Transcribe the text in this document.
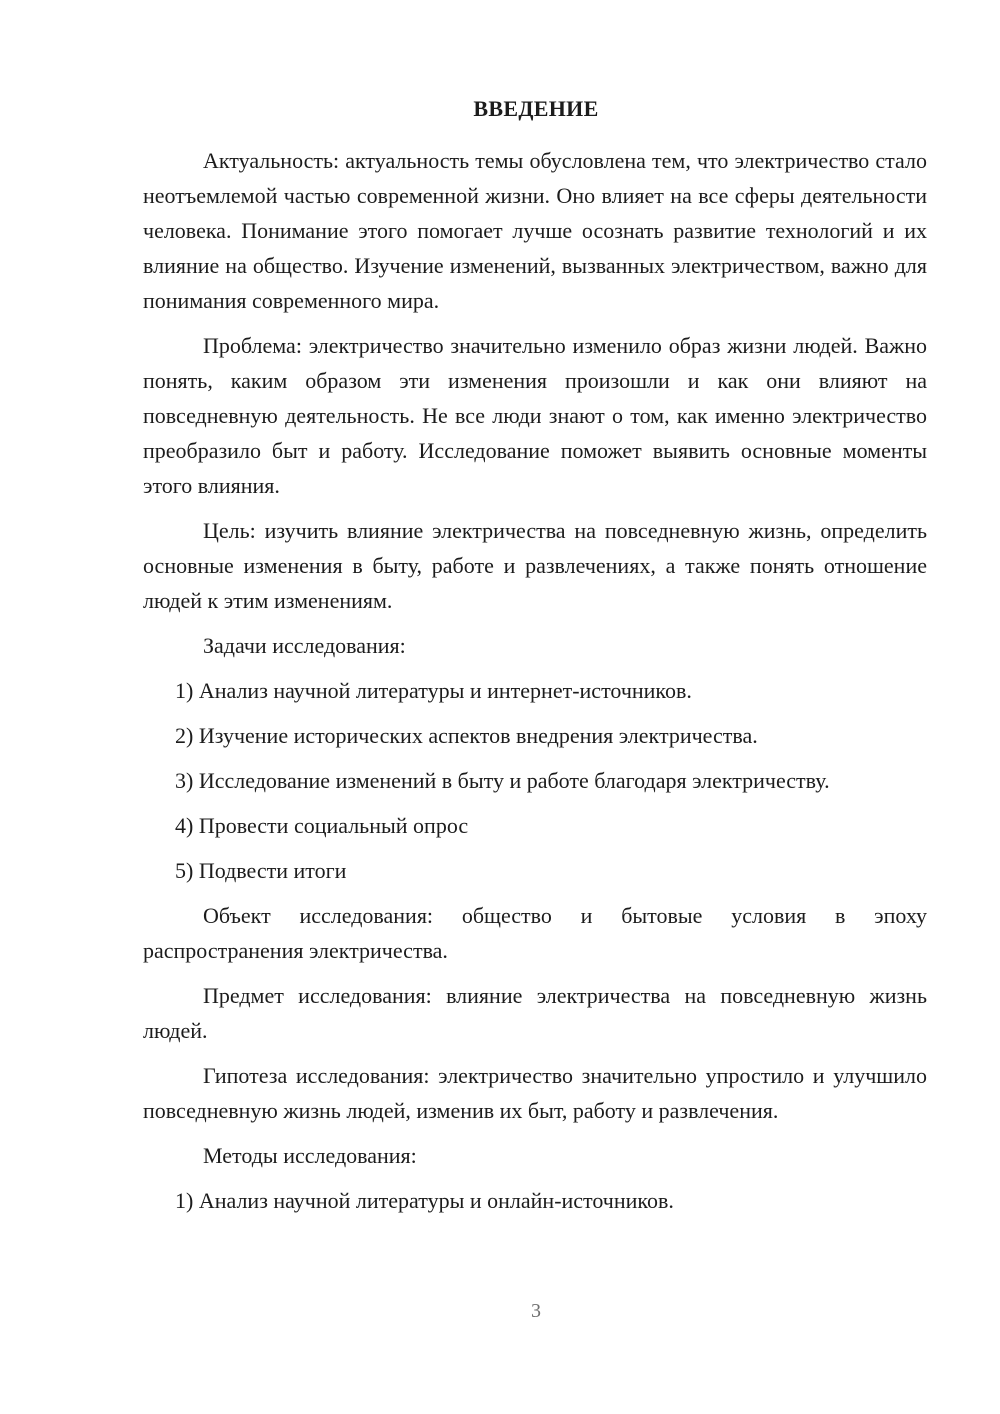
ВВЕДЕНИЕ

Актуальность: актуальность темы обусловлена тем, что электричество стало неотъемлемой частью современной жизни. Оно влияет на все сферы деятельности человека. Понимание этого помогает лучше осознать развитие технологий и их влияние на общество. Изучение изменений, вызванных электричеством, важно для понимания современного мира.

Проблема: электричество значительно изменило образ жизни людей. Важно понять, каким образом эти изменения произошли и как они влияют на повседневную деятельность. Не все люди знают о том, как именно электричество преобразило быт и работу. Исследование поможет выявить основные моменты этого влияния.

Цель: изучить влияние электричества на повседневную жизнь, определить основные изменения в быту, работе и развлечениях, а также понять отношение людей к этим изменениям.

Задачи исследования:

1) Анализ научной литературы и интернет-источников.

2) Изучение исторических аспектов внедрения электричества.

3) Исследование изменений в быту и работе благодаря электричеству.

4) Провести социальный опрос

5) Подвести итоги

Объект исследования: общество и бытовые условия в эпоху распространения электричества.

Предмет исследования: влияние электричества на повседневную жизнь людей.

Гипотеза исследования: электричество значительно упростило и улучшило повседневную жизнь людей, изменив их быт, работу и развлечения.

Методы исследования:

1) Анализ научной литературы и онлайн-источников.

3
